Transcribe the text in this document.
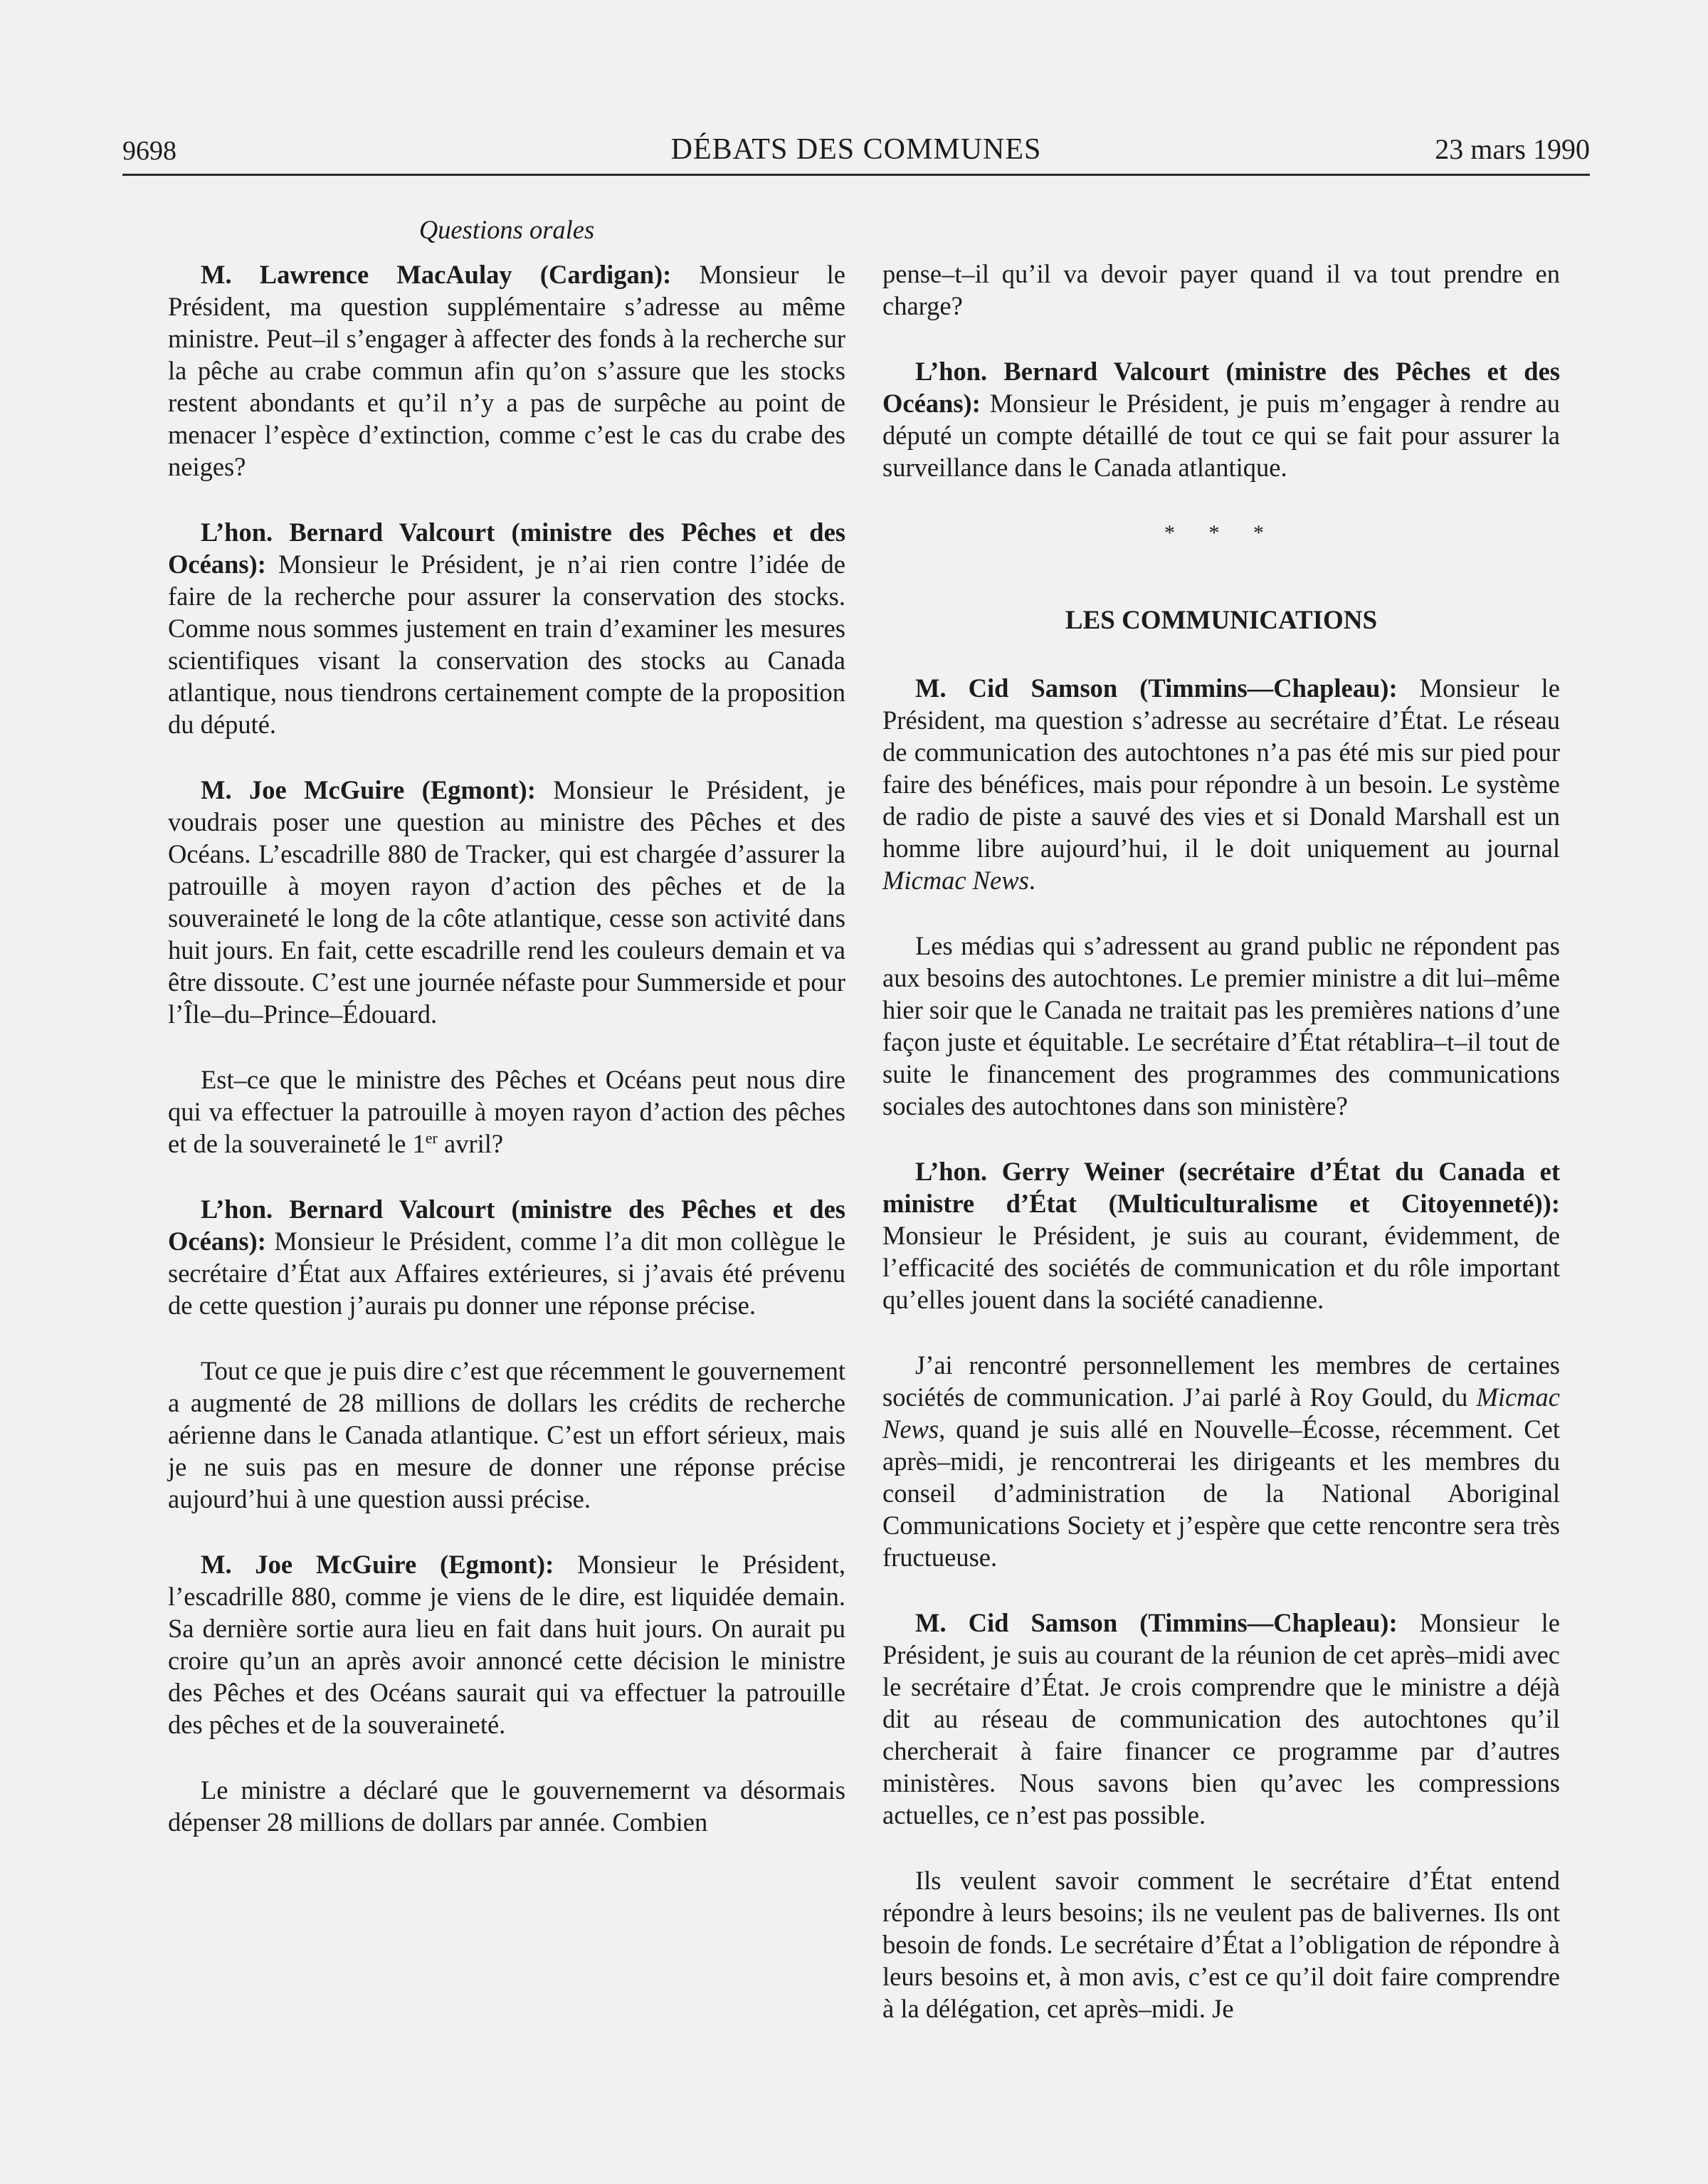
9698	DÉBATS DES COMMUNES	23 mars 1990
Questions orales

M. Lawrence MacAulay (Cardigan): Monsieur le Président, ma question supplémentaire s’adresse au même ministre. Peut–il s’engager à affecter des fonds à la recherche sur la pêche au crabe commun afin qu’on s’assure que les stocks restent abondants et qu’il n’y a pas de surpêche au point de menacer l’espèce d’extinction, comme c’est le cas du crabe des neiges?

L’hon. Bernard Valcourt (ministre des Pêches et des Océans): Monsieur le Président, je n’ai rien contre l’idée de faire de la recherche pour assurer la conservation des stocks. Comme nous sommes justement en train d’examiner les mesures scientifiques visant la conservation des stocks au Canada atlantique, nous tiendrons certainement compte de la proposition du député.

M. Joe McGuire (Egmont): Monsieur le Président, je voudrais poser une question au ministre des Pêches et des Océans. L’escadrille 880 de Tracker, qui est chargée d’assurer la patrouille à moyen rayon d’action des pêches et de la souveraineté le long de la côte atlantique, cesse son activité dans huit jours. En fait, cette escadrille rend les couleurs demain et va être dissoute. C’est une journée néfaste pour Summerside et pour l’Île–du–Prince–Édouard.

Est–ce que le ministre des Pêches et Océans peut nous dire qui va effectuer la patrouille à moyen rayon d’action des pêches et de la souveraineté le 1er avril?

L’hon. Bernard Valcourt (ministre des Pêches et des Océans): Monsieur le Président, comme l’a dit mon collègue le secrétaire d’État aux Affaires extérieures, si j’avais été prévenu de cette question j’aurais pu donner une réponse précise.

Tout ce que je puis dire c’est que récemment le gouvernement a augmenté de 28 millions de dollars les crédits de recherche aérienne dans le Canada atlantique. C’est un effort sérieux, mais je ne suis pas en mesure de donner une réponse précise aujourd’hui à une question aussi précise.

M. Joe McGuire (Egmont): Monsieur le Président, l’escadrille 880, comme je viens de le dire, est liquidée demain. Sa dernière sortie aura lieu en fait dans huit jours. On aurait pu croire qu’un an après avoir annoncé cette décision le ministre des Pêches et des Océans saurait qui va effectuer la patrouille des pêches et de la souveraineté.

Le ministre a déclaré que le gouvernemernt va désormais dépenser 28 millions de dollars par année. Combien

pense–t–il qu’il va devoir payer quand il va tout prendre en charge?

L’hon. Bernard Valcourt (ministre des Pêches et des Océans): Monsieur le Président, je puis m’engager à rendre au député un compte détaillé de tout ce qui se fait pour assurer la surveillance dans le Canada atlantique.

* * *
LES COMMUNICATIONS

M. Cid Samson (Timmins—Chapleau): Monsieur le Président, ma question s’adresse au secrétaire d’État. Le réseau de communication des autochtones n’a pas été mis sur pied pour faire des bénéfices, mais pour répondre à un besoin. Le système de radio de piste a sauvé des vies et si Donald Marshall est un homme libre aujourd’hui, il le doit uniquement au journal Micmac News.

Les médias qui s’adressent au grand public ne répondent pas aux besoins des autochtones. Le premier ministre a dit lui–même hier soir que le Canada ne traitait pas les premières nations d’une façon juste et équitable. Le secrétaire d’État rétablira–t–il tout de suite le financement des programmes des communications sociales des autochtones dans son ministère?

L’hon. Gerry Weiner (secrétaire d’État du Canada et ministre d’État (Multiculturalisme et Citoyenneté)): Monsieur le Président, je suis au courant, évidemment, de l’efficacité des sociétés de communication et du rôle important qu’elles jouent dans la société canadienne.

J’ai rencontré personnellement les membres de certaines sociétés de communication. J’ai parlé à Roy Gould, du Micmac News, quand je suis allé en Nouvelle–Écosse, récemment. Cet après–midi, je rencontrerai les dirigeants et les membres du conseil d’administration de la National Aboriginal Communications Society et j’espère que cette rencontre sera très fructueuse.

M. Cid Samson (Timmins—Chapleau): Monsieur le Président, je suis au courant de la réunion de cet après–midi avec le secrétaire d’État. Je crois comprendre que le ministre a déjà dit au réseau de communication des autochtones qu’il chercherait à faire financer ce programme par d’autres ministères. Nous savons bien qu’avec les compressions actuelles, ce n’est pas possible.

Ils veulent savoir comment le secrétaire d’État entend répondre à leurs besoins; ils ne veulent pas de balivernes. Ils ont besoin de fonds. Le secrétaire d’État a l’obligation de répondre à leurs besoins et, à mon avis, c’est ce qu’il doit faire comprendre à la délégation, cet après–midi. Je
